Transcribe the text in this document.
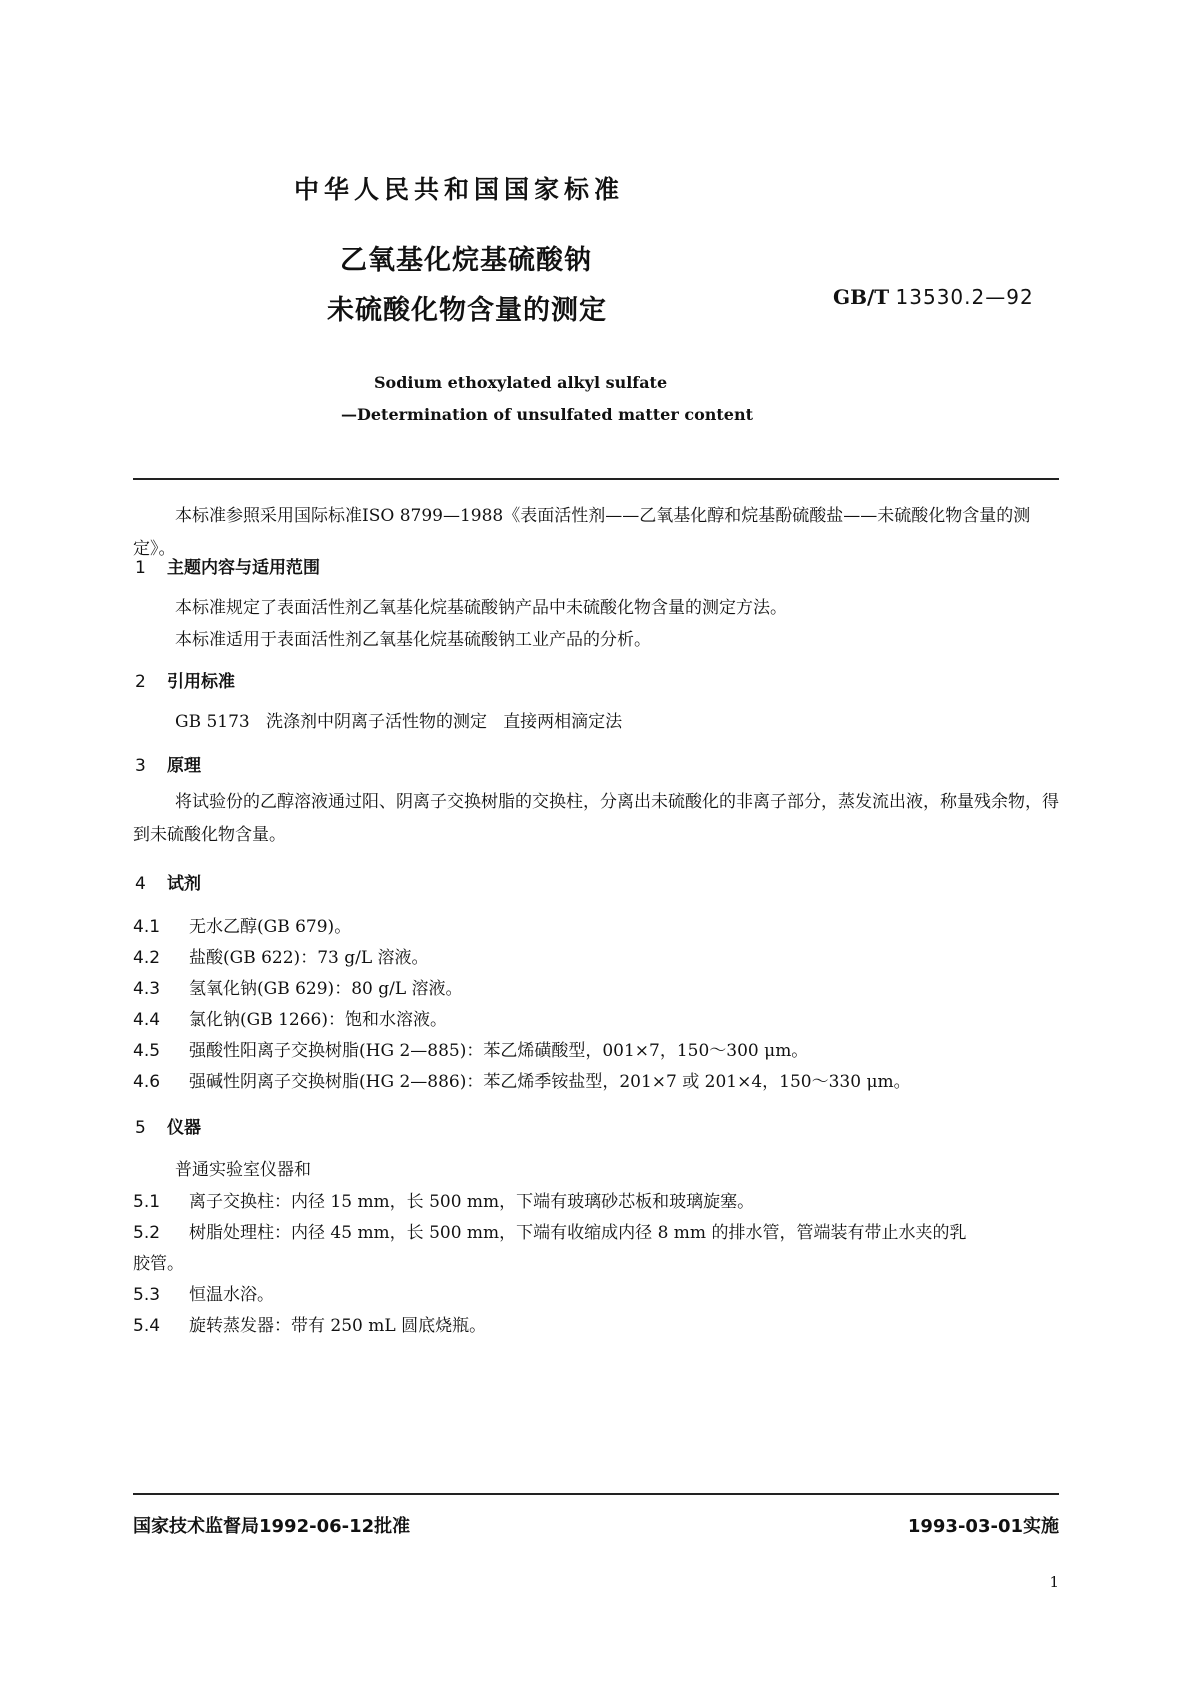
中华人民共和国国家标准
乙氧基化烷基硫酸钠
未硫酸化物含量的测定	GB/T 13530.2—92
Sodium ethoxylated alkyl sulfate
—Determination of unsulfated matter content
本标准参照采用国际标准ISO 8799—1988《表面活性剂——乙氧基化醇和烷基酚硫酸盐——未硫酸化物含量的测定》。
1 主题内容与适用范围
本标准规定了表面活性剂乙氧基化烷基硫酸钠产品中未硫酸化物含量的测定方法。
本标准适用于表面活性剂乙氧基化烷基硫酸钠工业产品的分析。
2 引用标准
GB 5173 洗涤剂中阴离子活性物的测定 直接两相滴定法
3 原理
将试验份的乙醇溶液通过阳、阴离子交换树脂的交换柱，分离出未硫酸化的非离子部分，蒸发流出液，称量残余物，得到未硫酸化物含量。
4 试剂
4.1 无水乙醇(GB 679)。
4.2 盐酸(GB 622)：73 g/L 溶液。
4.3 氢氧化钠(GB 629)：80 g/L 溶液。
4.4 氯化钠(GB 1266)：饱和水溶液。
4.5 强酸性阳离子交换树脂(HG 2—885)：苯乙烯磺酸型，001×7，150～300 μm。
4.6 强碱性阴离子交换树脂(HG 2—886)：苯乙烯季铵盐型，201×7 或 201×4，150～330 μm。
5 仪器
普通实验室仪器和
5.1 离子交换柱：内径 15 mm，长 500 mm，下端有玻璃砂芯板和玻璃旋塞。
5.2 树脂处理柱：内径 45 mm，长 500 mm，下端有收缩成内径 8 mm 的排水管，管端装有带止水夹的乳
胶管。
5.3 恒温水浴。
5.4 旋转蒸发器：带有 250 mL 圆底烧瓶。
国家技术监督局1992-06-12批准	1993-03-01实施
1
